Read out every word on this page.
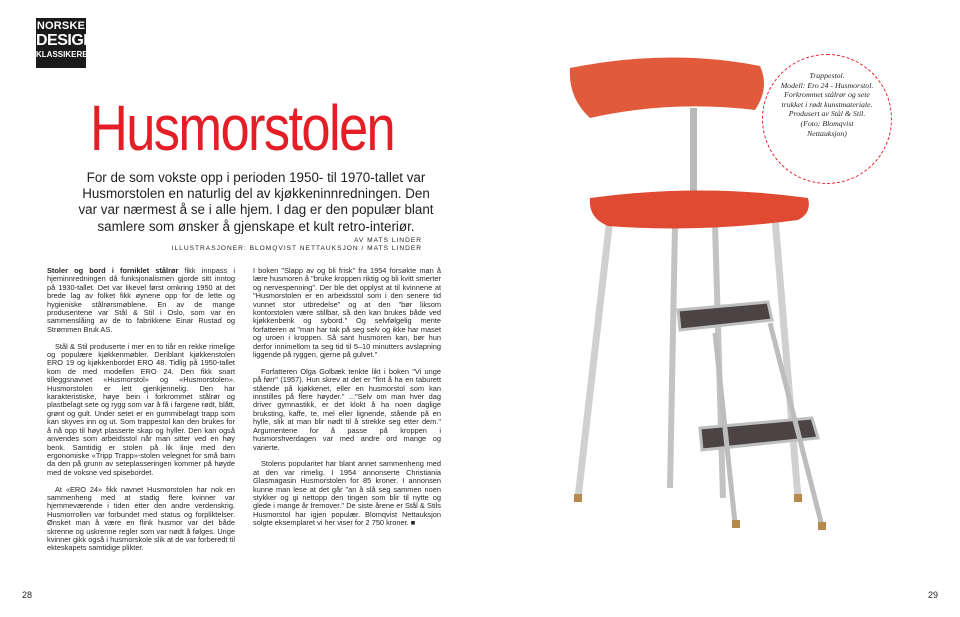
NORSKE
DESIGN
KLASSIKERE
Husmorstolen
For de som vokste opp i perioden 1950- til 1970-tallet var Husmorstolen en naturlig del av kjøkkeninnredningen. Den var var nærmest å se i alle hjem. I dag er den populær blant samlere som ønsker å gjenskape et kult retro-interiør.
AV MATS LINDER
ILLUSTRASJONER: BLOMQVIST NETTAUKSJON / MATS LINDER

Stoler og bord i forniklet stålrør fikk innpass i hjeminnredningen då funksjonalismen gjorde sitt inntog på 1930-tallet. Det var likevel først omkring 1950 at det brede lag av folket fikk øynene opp for de lette og hygieniske stålrørsmøblene. En av de mange produsentene var Stål & Stil i Oslo, som var en sammenslåing av de to fabrikkene Einar Rustad og Strømmen Bruk AS.

Stål & Stil produserte i mer en to tiår en rekke rimelige og populære kjøkkenmøbler. Deriblant kjøkkenstolen ERO 19 og kjøkkenbordet ERO 48. Tidlig på 1950-tallet kom de med modellen ERO 24. Den fikk snart tilleggsnavnet «Husmorstol» og «Husmorstolen». Husmorstolen er lett gjenkjennelig. Den har karakteristiske, høye bein i forkrommet stålrør og plastbelagt sete og rygg som var å få i fargene rødt, blått, grønt og gult. Under setet er en gummibelagt trapp som kan skyves inn og ut. Som trappestol kan den brukes for å nå opp til høyt plasserte skap og hyller. Den kan også anvendes som arbeidsstol når man sitter ved en høy benk. Samtidig er stolen på lik linje med den ergonomiske «Tripp Trapp»-stolen velegnet for små barn da den på grunn av seteplasseringen kommer på høyde med de voksne ved spisebordet.

At «ERO 24» fikk navnet Husmorstolen har nok en sammenheng med at stadig flere kvinner var hjemmeværende i tiden etter den andre verdenskrig. Husmorrollen var forbundet med status og forpliktelser. Ønsket man å være en flink husmor var det både skrenne og uskrenne regler som var nødt å følges. Unge kvinner gikk også i husmorskole slik at de var forberedt til ekteskapets samtidige plikter.

I boken "Slapp av og bli frisk" fra 1954 forsøkte man å lære husmoren å "bruke kroppen riktig og bli kvitt smerter og nervespenning". Der ble det opplyst at til kvinnene at "Husmorstolen er en arbeidsstol som i den senere tid vunnet stor utbredelse" og at den "bør liksom kontorstolen være stillbar, så den kan brukes både ved kjøkkenbenk og sybord." Og selvfølgelig mente forfatteren at "man har tak på seg selv og ikke har maset og uroen i kroppen. Så sant husmoren kan, bør hun derfor innimellom ta seg tid til 5–10 minutters avslapning liggende på ryggen, gjerne på gulvet."

Forfatteren Olga Golbæk tenkte likt i boken "Vi unge på førr" (1957). Hun skrev at det er "fint å ha en taburett stående på kjøkkenet, eller en husmorstol som kan innstilles på flere høyder." ..."Selv om man hver dag driver gymnastikk, er det klokt å ha noen daglige bruksting, kaffe, te, mel eller lignende, stående på en hylle, slik at man blir nødt til å strekke seg etter dem." Argumentene for å passe på kroppen i husmorshverdagen var med andre ord mange og varierte.

Stolens popularitet har blant annet sammenheng med at den var rimelig. I 1954 annonserte Christiania Glasmagasin Husmorstolen for 85 kroner. I annonsen kunne man lese at det går "an å slå seg sammen noen stykker og gi nettopp den tingen som blir til nytte og glede i mange år fremover." De siste årene er Stål & Stils Husmorstol har igjen populær. Blomqvist Nettauksjon solgte eksemplaret vi her viser for 2 750 kroner. ■

28

Trappestol.

Modell: Ero 24 - Husmorstol.

Forkrommet stålrør og sete

trukket i rødt kunstmateriale.

Produsert av Stål & Stil.

(Foto: Blomqvist

Nettauksjon)

29
